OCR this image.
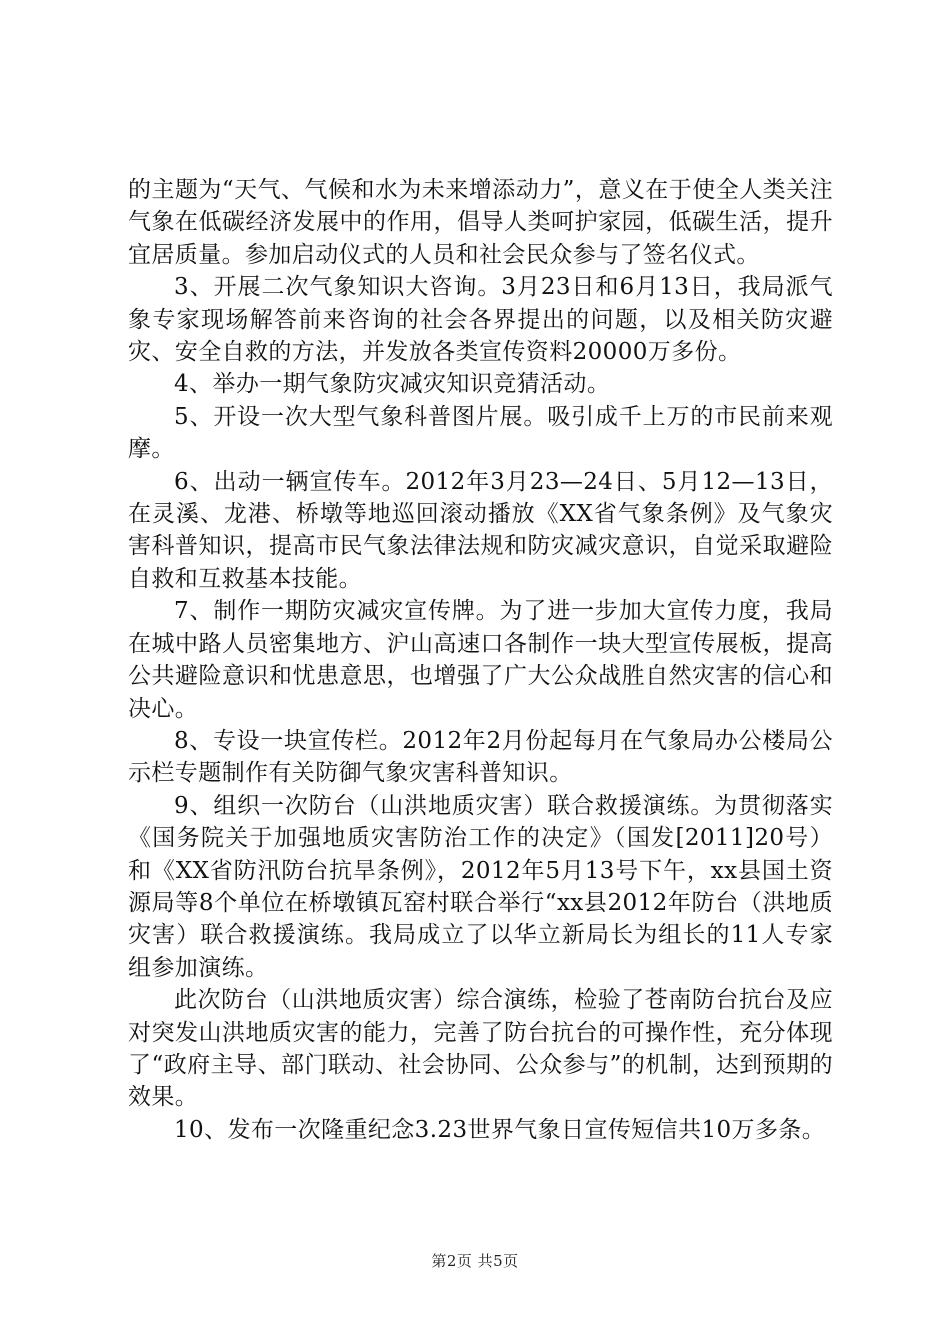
的主题为“天气、气候和水为未来增添动力”，意义在于使全人类关注气象在低碳经济发展中的作用，倡导人类呵护家园，低碳生活，提升宜居质量。参加启动仪式的人员和社会民众参与了签名仪式。

3、开展二次气象知识大咨询。3月23日和6月13日，我局派气象专家现场解答前来咨询的社会各界提出的问题，以及相关防灾避灾、安全自救的方法，并发放各类宣传资料20000万多份。

4、举办一期气象防灾减灾知识竞猜活动。

5、开设一次大型气象科普图片展。吸引成千上万的市民前来观摩。

6、出动一辆宣传车。2012年3月23—24日、5月12—13日，在灵溪、龙港、桥墩等地巡回滚动播放《XX省气象条例》及气象灾害科普知识，提高市民气象法律法规和防灾减灾意识，自觉采取避险自救和互救基本技能。

7、制作一期防灾减灾宣传牌。为了进一步加大宣传力度，我局在城中路人员密集地方、沪山高速口各制作一块大型宣传展板，提高公共避险意识和忧患意思，也增强了广大公众战胜自然灾害的信心和决心。

8、专设一块宣传栏。2012年2月份起每月在气象局办公楼局公示栏专题制作有关防御气象灾害科普知识。

9、组织一次防台（山洪地质灾害）联合救援演练。为贯彻落实《国务院关于加强地质灾害防治工作的决定》（国发[2011]20号）和《XX省防汛防台抗旱条例》，2012年5月13号下午，xx县国土资源局等8个单位在桥墩镇瓦窑村联合举行“xx县2012年防台（洪地质灾害）联合救援演练。我局成立了以华立新局长为组长的11人专家组参加演练。

此次防台（山洪地质灾害）综合演练，检验了苍南防台抗台及应对突发山洪地质灾害的能力，完善了防台抗台的可操作性，充分体现了“政府主导、部门联动、社会协同、公众参与”的机制，达到预期的效果。

10、发布一次隆重纪念3.23世界气象日宣传短信共10万多条。

第2页 共5页
